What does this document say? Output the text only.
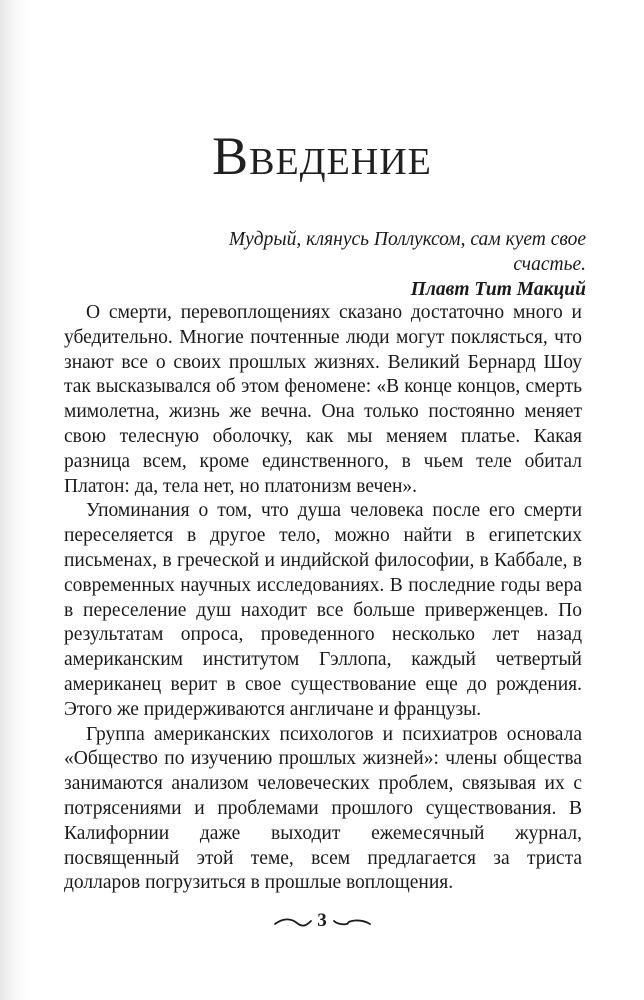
Введение
Мудрый, клянусь Поллуксом, сам кует свое счастье.
Плавт Тит Макций

О смерти, перевоплощениях сказано достаточно много и убедительно. Многие почтенные люди могут поклясться, что знают все о своих прошлых жизнях. Великий Бернард Шоу так высказывался об этом феномене: «В конце концов, смерть мимолетна, жизнь же вечна. Она только постоянно меняет свою телесную оболочку, как мы меняем платье. Какая разница всем, кроме единственного, в чьем теле обитал Платон: да, тела нет, но платонизм вечен».

Упоминания о том, что душа человека после его смерти переселяется в другое тело, можно найти в египетских письменах, в греческой и индийской философии, в Каббале, в современных научных исследованиях. В последние годы вера в переселение душ находит все больше приверженцев. По результатам опроса, проведенного несколько лет назад американским институтом Гэллопа, каждый четвертый американец верит в свое существование еще до рождения. Этого же придерживаются англичане и французы.

Группа американских психологов и психиатров основала «Общество по изучению прошлых жизней»: члены общества занимаются анализом человеческих проблем, связывая их с потрясениями и проблемами прошлого существования. В Калифорнии даже выходит ежемесячный журнал, посвященный этой теме, всем предлагается за триста долларов погрузиться в прошлые воплощения.

3
